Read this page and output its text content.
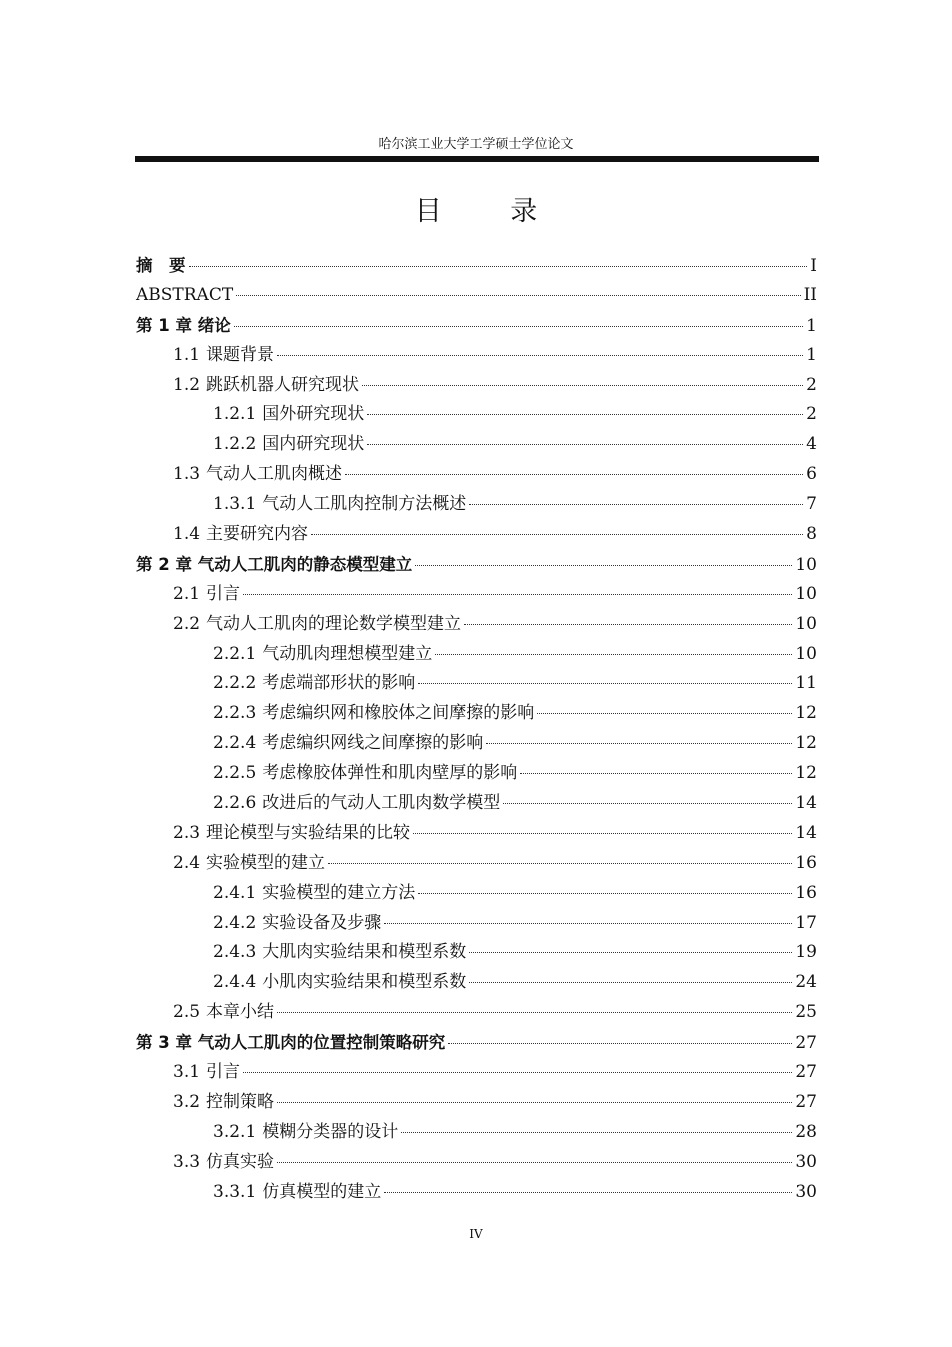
哈尔滨工业大学工学硕士学位论文
目 录
摘　要	I
ABSTRACT	II
第 1 章 绪论	1
1.1 课题背景	1
1.2 跳跃机器人研究现状	2
1.2.1 国外研究现状	2
1.2.2 国内研究现状	4
1.3 气动人工肌肉概述	6
1.3.1 气动人工肌肉控制方法概述	7
1.4 主要研究内容	8
第 2 章 气动人工肌肉的静态模型建立	10
2.1 引言	10
2.2 气动人工肌肉的理论数学模型建立	10
2.2.1 气动肌肉理想模型建立	10
2.2.2 考虑端部形状的影响	11
2.2.3 考虑编织网和橡胶体之间摩擦的影响	12
2.2.4 考虑编织网线之间摩擦的影响	12
2.2.5 考虑橡胶体弹性和肌肉壁厚的影响	12
2.2.6 改进后的气动人工肌肉数学模型	14
2.3 理论模型与实验结果的比较	14
2.4 实验模型的建立	16
2.4.1 实验模型的建立方法	16
2.4.2 实验设备及步骤	17
2.4.3 大肌肉实验结果和模型系数	19
2.4.4 小肌肉实验结果和模型系数	24
2.5 本章小结	25
第 3 章 气动人工肌肉的位置控制策略研究	27
3.1 引言	27
3.2 控制策略	27
3.2.1 模糊分类器的设计	28
3.3 仿真实验	30
3.3.1 仿真模型的建立	30
IV
